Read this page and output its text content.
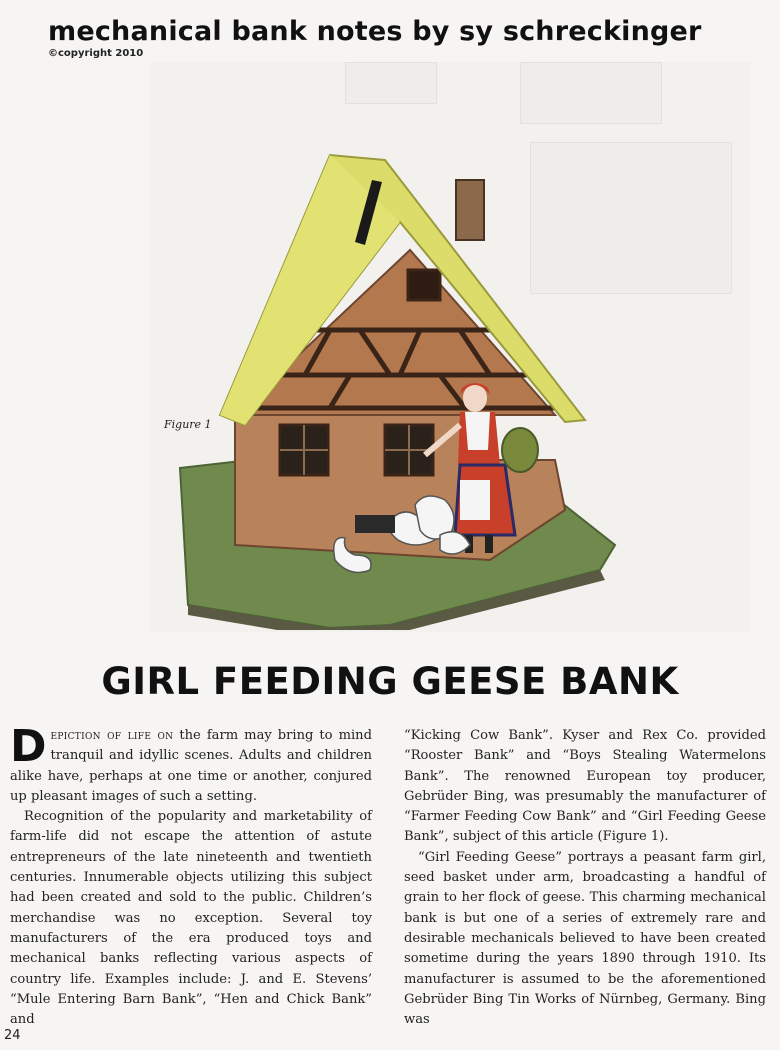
mechanical bank notes by sy schreckinger
©copyright 2010
Figure 1
GIRL FEEDING GEESE BANK

Depiction of life on the farm may bring to mind tranquil and idyllic scenes. Adults and children alike have, perhaps at one time or another, conjured up pleasant images of such a setting.

Recognition of the popularity and marketability of farm-life did not escape the attention of astute entrepreneurs of the late nineteenth and twentieth centuries. Innumerable objects utilizing this subject had been created and sold to the public. Children’s merchandise was no exception. Several toy manufacturers of the era produced toys and mechanical banks reflecting various aspects of country life. Examples include: J. and E. Stevens’ “Mule Entering Barn Bank”, “Hen and Chick Bank” and

“Kicking Cow Bank”. Kyser and Rex Co. provided “Rooster Bank” and “Boys Stealing Watermelons Bank”. The renowned European toy producer, Gebrüder Bing, was presumably the manufacturer of “Farmer Feeding Cow Bank” and “Girl Feeding Geese Bank”, subject of this article (Figure 1).

“Girl Feeding Geese” portrays a peasant farm girl, seed basket under arm, broadcasting a handful of grain to her flock of geese. This charming mechanical bank is but one of a series of extremely rare and desirable mechanicals believed to have been created sometime during the years 1890 through 1910. Its manufacturer is assumed to be the aforementioned Gebrüder Bing Tin Works of Nürnbeg, Germany. Bing was

24
